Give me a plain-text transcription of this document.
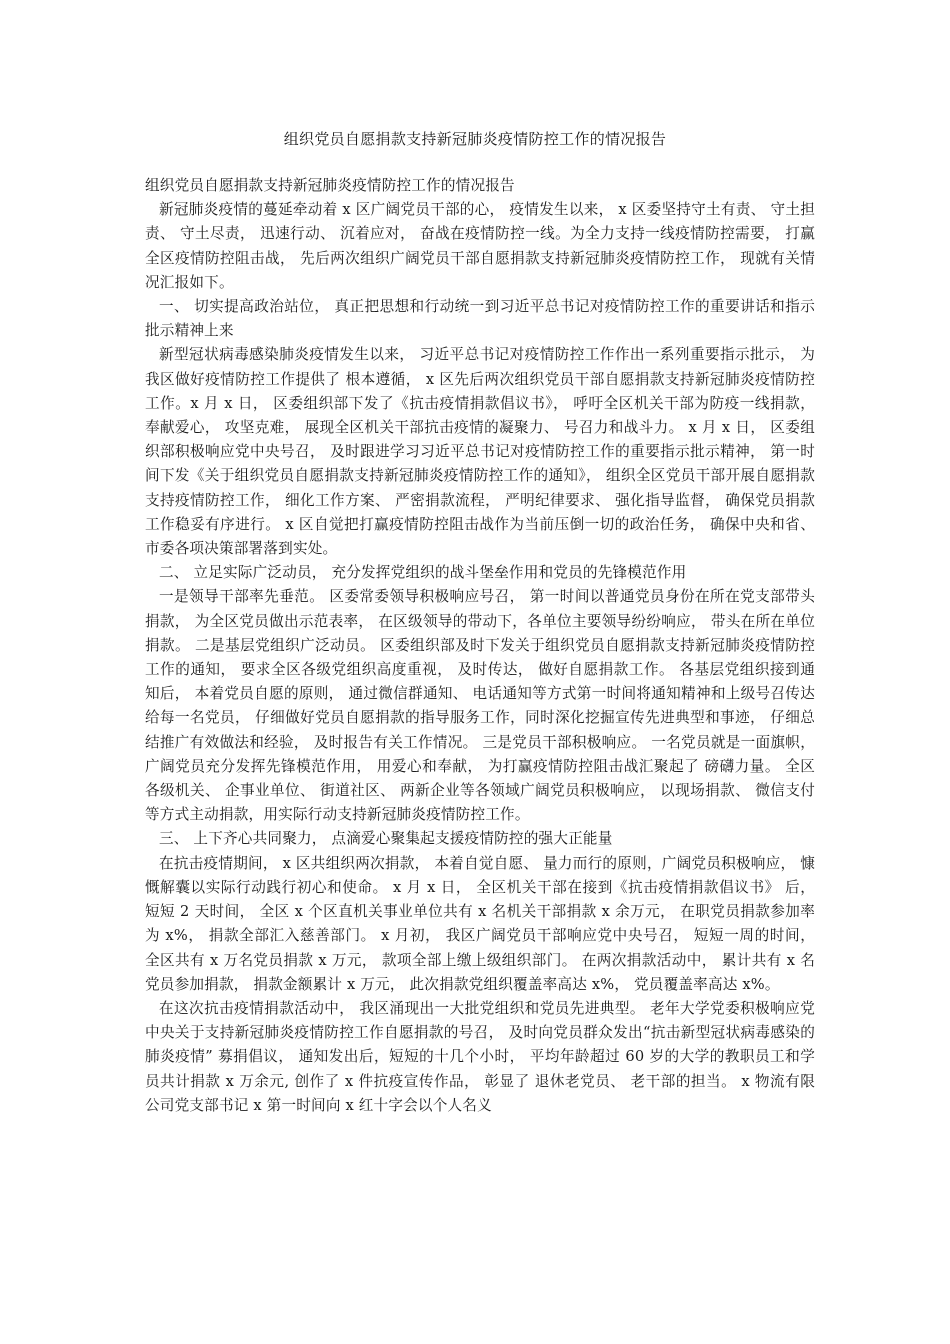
组织党员自愿捐款支持新冠肺炎疫情防控工作的情况报告

组织党员自愿捐款支持新冠肺炎疫情防控工作的情况报告

新冠肺炎疫情的蔓延牵动着 x 区广阔党员干部的心， 疫情发生以来， x 区委坚持守土有责、 守土担责、 守土尽责， 迅速行动、 沉着应对， 奋战在疫情防控一线。为全力支持一线疫情防控需要， 打赢全区疫情防控阻击战， 先后两次组织广阔党员干部自愿捐款支持新冠肺炎疫情防控工作， 现就有关情况汇报如下。

一、 切实提高政治站位， 真正把思想和行动统一到习近平总书记对疫情防控工作的重要讲话和指示批示精神上来

新型冠状病毒感染肺炎疫情发生以来， 习近平总书记对疫情防控工作作出一系列重要指示批示， 为我区做好疫情防控工作提供了 根本遵循， x 区先后两次组织党员干部自愿捐款支持新冠肺炎疫情防控工作。x 月 x 日， 区委组织部下发了《抗击疫情捐款倡议书》， 呼吁全区机关干部为防疫一线捐款， 奉献爱心， 攻坚克难， 展现全区机关干部抗击疫情的凝聚力、 号召力和战斗力。 x 月 x 日， 区委组织部积极响应党中央号召， 及时跟进学习习近平总书记对疫情防控工作的重要指示批示精神， 第一时间下发《关于组织党员自愿捐款支持新冠肺炎疫情防控工作的通知》， 组织全区党员干部开展自愿捐款支持疫情防控工作， 细化工作方案、 严密捐款流程， 严明纪律要求、 强化指导监督， 确保党员捐款工作稳妥有序进行。 x 区自觉把打赢疫情防控阻击战作为当前压倒一切的政治任务， 确保中央和省、 市委各项决策部署落到实处。

二、 立足实际广泛动员， 充分发挥党组织的战斗堡垒作用和党员的先锋模范作用

一是领导干部率先垂范。 区委常委领导积极响应号召， 第一时间以普通党员身份在所在党支部带头捐款， 为全区党员做出示范表率， 在区级领导的带动下，各单位主要领导纷纷响应， 带头在所在单位捐款。 二是基层党组织广泛动员。 区委组织部及时下发关于组织党员自愿捐款支持新冠肺炎疫情防控工作的通知， 要求全区各级党组织高度重视， 及时传达， 做好自愿捐款工作。 各基层党组织接到通知后， 本着党员自愿的原则， 通过微信群通知、 电话通知等方式第一时间将通知精神和上级号召传达给每一名党员， 仔细做好党员自愿捐款的指导服务工作，同时深化挖掘宣传先进典型和事迹， 仔细总结推广有效做法和经验， 及时报告有关工作情况。 三是党员干部积极响应。 一名党员就是一面旗帜， 广阔党员充分发挥先锋模范作用， 用爱心和奉献， 为打赢疫情防控阻击战汇聚起了 磅礴力量。 全区各级机关、 企事业单位、 街道社区、 两新企业等各领域广阔党员积极响应， 以现场捐款、 微信支付等方式主动捐款，用实际行动支持新冠肺炎疫情防控工作。

三、 上下齐心共同聚力， 点滴爱心聚集起支援疫情防控的强大正能量

在抗击疫情期间， x 区共组织两次捐款， 本着自觉自愿、 量力而行的原则，广阔党员积极响应， 慷慨解囊以实际行动践行初心和使命。 x 月 x 日， 全区机关干部在接到《抗击疫情捐款倡议书》 后， 短短 2 天时间， 全区 x 个区直机关事业单位共有 x 名机关干部捐款 x 余万元， 在职党员捐款参加率为 x%， 捐款全部汇入慈善部门。 x 月初， 我区广阔党员干部响应党中央号召， 短短一周的时间， 全区共有 x 万名党员捐款 x 万元， 款项全部上缴上级组织部门。 在两次捐款活动中， 累计共有 x 名党员参加捐款， 捐款金额累计 x 万元， 此次捐款党组织覆盖率高达 x%， 党员覆盖率高达 x%。

在这次抗击疫情捐款活动中， 我区涌现出一大批党组织和党员先进典型。 老年大学党委积极响应党中央关于支持新冠肺炎疫情防控工作自愿捐款的号召， 及时向党员群众发出“抗击新型冠状病毒感染的肺炎疫情” 募捐倡议， 通知发出后，短短的十几个小时， 平均年龄超过 60 岁的大学的教职员工和学员共计捐款 x 万余元, 创作了 x 件抗疫宣传作品， 彰显了 退休老党员、 老干部的担当。 x 物流有限公司党支部书记 x 第一时间向 x 红十字会以个人名义
